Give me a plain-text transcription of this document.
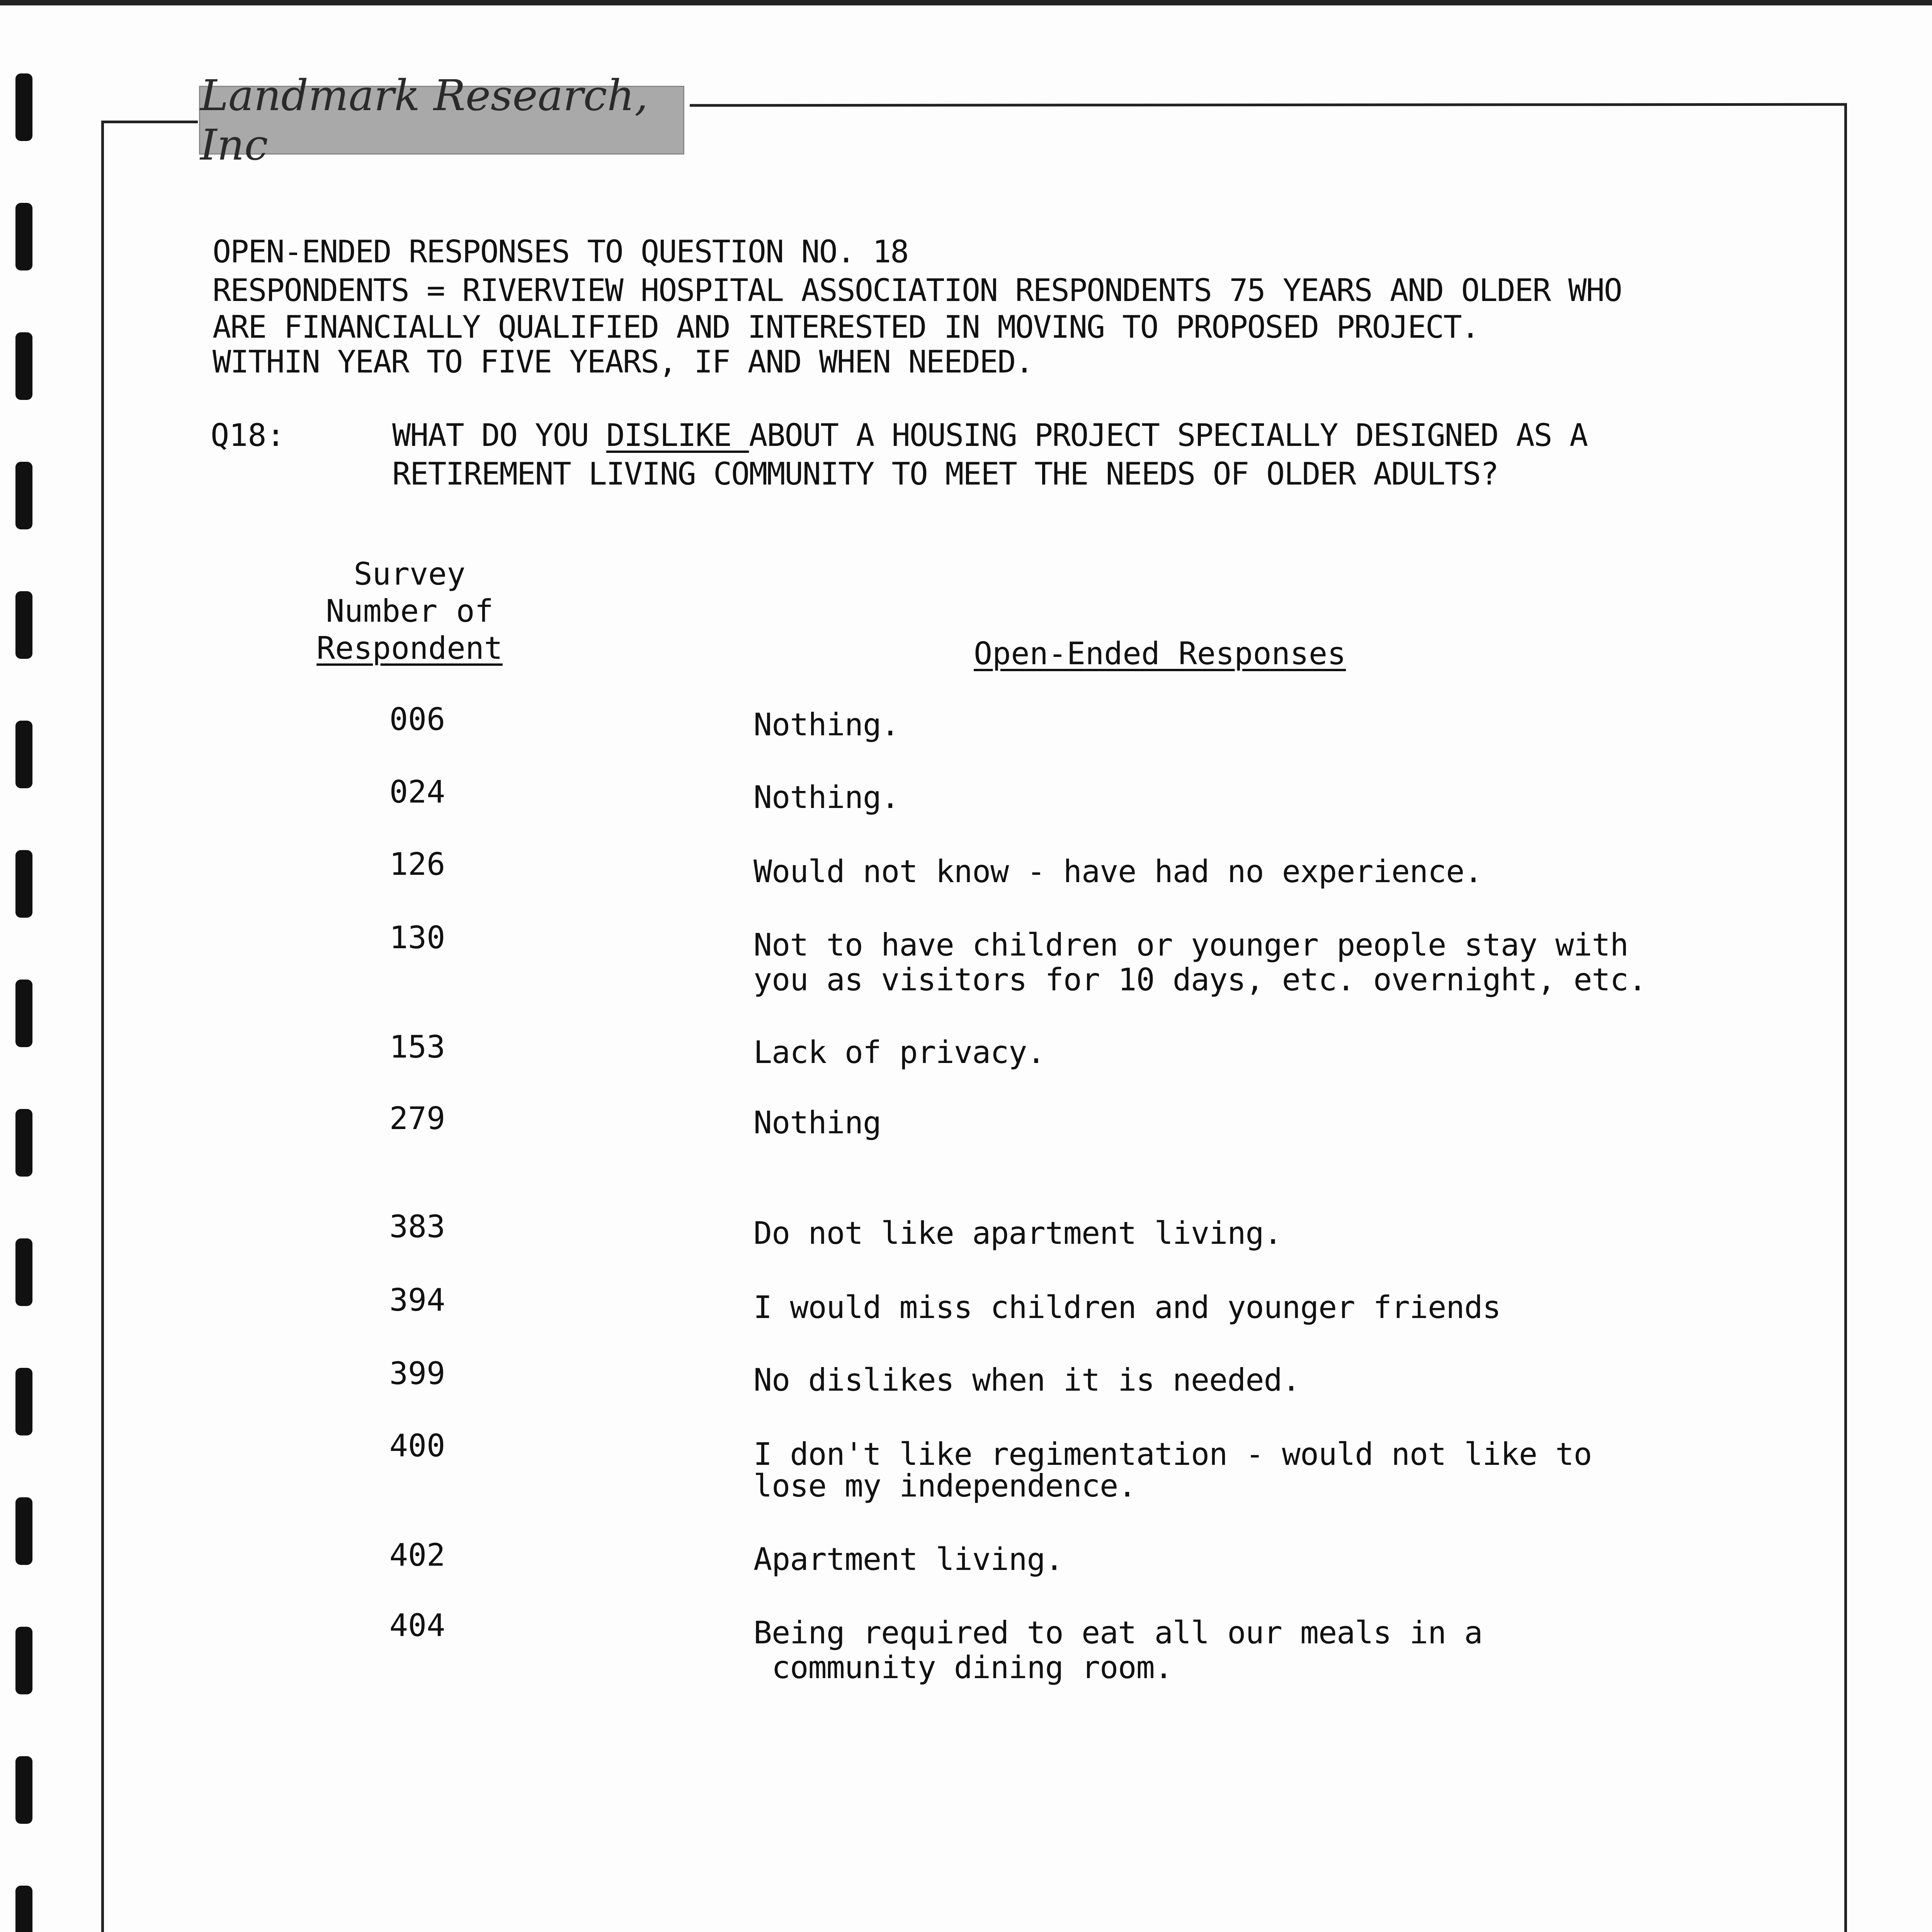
Landmark Research, Inc
OPEN-ENDED RESPONSES TO QUESTION NO. 18
RESPONDENTS = RIVERVIEW HOSPITAL ASSOCIATION RESPONDENTS 75 YEARS AND OLDER WHO
ARE FINANCIALLY QUALIFIED AND INTERESTED IN MOVING TO PROPOSED PROJECT.
WITHIN YEAR TO FIVE YEARS, IF AND WHEN NEEDED.
Q18:	WHAT DO YOU DISLIKE ABOUT A HOUSING PROJECT SPECIALLY DESIGNED AS A
RETIREMENT LIVING COMMUNITY TO MEET THE NEEDS OF OLDER ADULTS?
Survey
Number of
Respondent	Open-Ended Responses
006	Nothing.
024	Nothing.
126	Would not know - have had no experience.
130	Not to have children or younger people stay with
you as visitors for 10 days, etc. overnight, etc.
153	Lack of privacy.
279	Nothing
383	Do not like apartment living.
394	I would miss children and younger friends
399	No dislikes when it is needed.
400	I don't like regimentation - would not like to
lose my independence.
402	Apartment living.
404	Being required to eat all our meals in a
community dining room.
